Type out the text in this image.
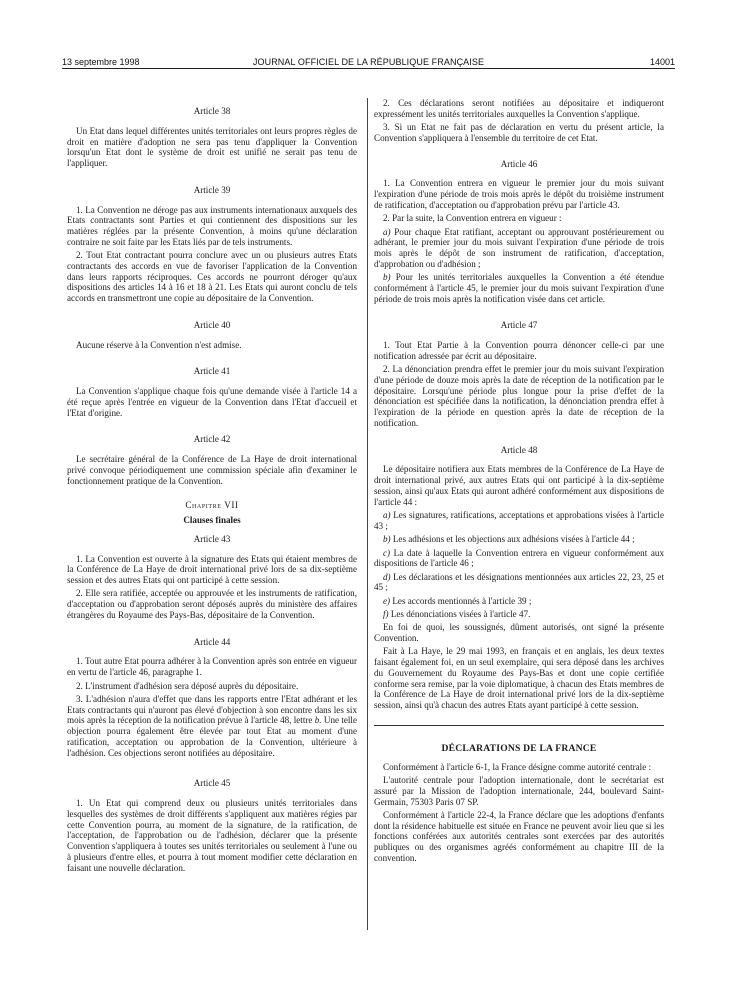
13 septembre 1998	JOURNAL OFFICIEL DE LA RÉPUBLIQUE FRANÇAISE	14001
Article 38

Un Etat dans lequel différentes unités territoriales ont leurs propres règles de droit en matière d'adoption ne sera pas tenu d'appliquer la Convention lorsqu'un Etat dont le système de droit est unifié ne serait pas tenu de l'appliquer.

Article 39

1. La Convention ne déroge pas aux instruments internationaux auxquels des Etats contractants sont Parties et qui contiennent des dispositions sur les matières réglées par la présente Convention, à moins qu'une déclaration contraire ne soit faite par les Etats liés par de tels instruments.

2. Tout Etat contractant pourra conclure avec un ou plusieurs autres Etats contractants des accords en vue de favoriser l'application de la Convention dans leurs rapports réciproques. Ces accords ne pourront déroger qu'aux dispositions des articles 14 à 16 et 18 à 21. Les Etats qui auront conclu de tels accords en transmettront une copie au dépositaire de la Convention.

Article 40

Aucune réserve à la Convention n'est admise.

Article 41

La Convention s'applique chaque fois qu'une demande visée à l'article 14 a été reçue après l'entrée en vigueur de la Convention dans l'Etat d'accueil et l'Etat d'origine.

Article 42

Le secrétaire général de la Conférence de La Haye de droit international privé convoque périodiquement une commission spéciale afin d'examiner le fonctionnement pratique de la Convention.

Chapitre VII
Clauses finales
Article 43

1. La Convention est ouverte à la signature des Etats qui étaient membres de la Conférence de La Haye de droit international privé lors de sa dix-septième session et des autres Etats qui ont participé à cette session.

2. Elle sera ratifiée, acceptée ou approuvée et les instruments de ratification, d'acceptation ou d'approbation seront déposés auprès du ministère des affaires étrangères du Royaume des Pays-Bas, dépositaire de la Convention.

Article 44

1. Tout autre Etat pourra adhérer à la Convention après son entrée en vigueur en vertu de l'article 46, paragraphe 1.

2. L'instrument d'adhésion sera déposé auprès du dépositaire.

3. L'adhésion n'aura d'effet que dans les rapports entre l'Etat adhérant et les Etats contractants qui n'auront pas élevé d'objection à son encontre dans les six mois après la réception de la notification prévue à l'article 48, lettre b. Une telle objection pourra également être élevée par tout Etat au moment d'une ratification, acceptation ou approbation de la Convention, ultérieure à l'adhésion. Ces objections seront notifiées au dépositaire.

Article 45

1. Un Etat qui comprend deux ou plusieurs unités territoriales dans lesquelles des systèmes de droit différents s'appliquent aux matières régies par cette Convention pourra, au moment de la signature, de la ratification, de l'acceptation, de l'approbation ou de l'adhésion, déclarer que la présente Convention s'appliquera à toutes ses unités territoriales ou seulement à l'une ou à plusieurs d'entre elles, et pourra à tout moment modifier cette déclaration en faisant une nouvelle déclaration.

2. Ces déclarations seront notifiées au dépositaire et indiqueront expressément les unités territoriales auxquelles la Convention s'applique.

3. Si un Etat ne fait pas de déclaration en vertu du présent article, la Convention s'appliquera à l'ensemble du territoire de cet Etat.

Article 46

1. La Convention entrera en vigueur le premier jour du mois suivant l'expiration d'une période de trois mois après le dépôt du troisième instrument de ratification, d'acceptation ou d'approbation prévu par l'article 43.

2. Par la suite, la Convention entrera en vigueur :

a) Pour chaque Etat ratifiant, acceptant ou approuvant postérieurement ou adhérant, le premier jour du mois suivant l'expiration d'une période de trois mois après le dépôt de son instrument de ratification, d'acceptation, d'approbation ou d'adhésion ;

b) Pour les unités territoriales auxquelles la Convention a été étendue conformément à l'article 45, le premier jour du mois suivant l'expiration d'une période de trois mois après la notification visée dans cet article.

Article 47

1. Tout Etat Partie à la Convention pourra dénoncer celle-ci par une notification adressée par écrit au dépositaire.

2. La dénonciation prendra effet le premier jour du mois suivant l'expiration d'une période de douze mois après la date de réception de la notification par le dépositaire. Lorsqu'une période plus longue pour la prise d'effet de la dénonciation est spécifiée dans la notification, la dénonciation prendra effet à l'expiration de la période en question après la date de réception de la notification.

Article 48

Le dépositaire notifiera aux Etats membres de la Conférence de La Haye de droit international privé, aux autres Etats qui ont participé à la dix-septième session, ainsi qu'aux Etats qui auront adhéré conformément aux dispositions de l'article 44 :

a) Les signatures, ratifications, acceptations et approbations visées à l'article 43 ;

b) Les adhésions et les objections aux adhésions visées à l'article 44 ;

c) La date à laquelle la Convention entrera en vigueur conformément aux dispositions de l'article 46 ;

d) Les déclarations et les désignations mentionnées aux articles 22, 23, 25 et 45 ;

e) Les accords mentionnés à l'article 39 ;

f) Les dénonciations visées à l'article 47.

En foi de quoi, les soussignés, dûment autorisés, ont signé la présente Convention.

Fait à La Haye, le 29 mai 1993, en français et en anglais, les deux textes faisant également foi, en un seul exemplaire, qui sera déposé dans les archives du Gouvernement du Royaume des Pays-Bas et dont une copie certifiée conforme sera remise, par la voie diplomatique, à chacun des Etats membres de la Conférence de La Haye de droit international privé lors de la dix-septième session, ainsi qu'à chacun des autres Etats ayant participé à cette session.

DÉCLARATIONS DE LA FRANCE

Conformément à l'article 6-1, la France désigne comme autorité centrale :

L'autorité centrale pour l'adoption internationale, dont le secrétariat est assuré par la Mission de l'adoption internationale, 244, boulevard Saint-Germain, 75303 Paris 07 SP.

Conformément à l'article 22-4, la France déclare que les adoptions d'enfants dont la résidence habituelle est située en France ne peuvent avoir lieu que si les fonctions conférées aux autorités centrales sont exercées par des autorités publiques ou des organismes agréés conformément au chapitre III de la convention.
